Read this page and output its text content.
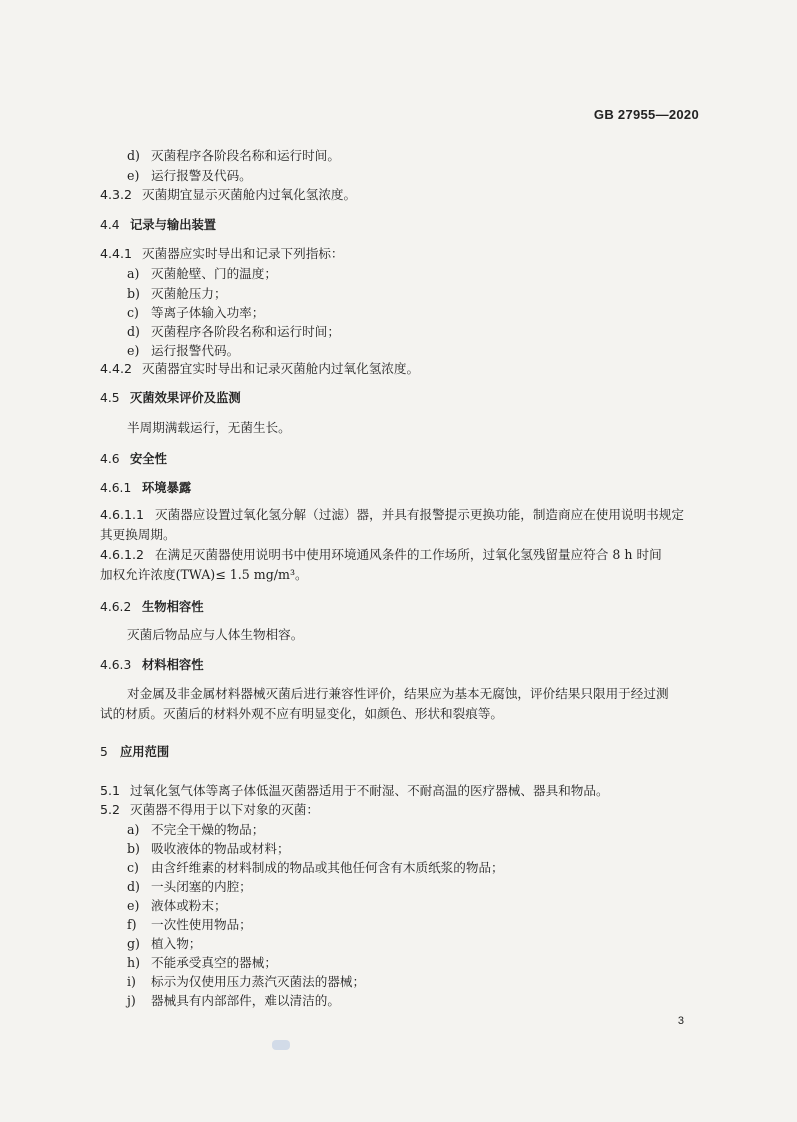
GB 27955—2020
d) 灭菌程序各阶段名称和运行时间。
e) 运行报警及代码。
4.3.2 灭菌期宜显示灭菌舱内过氧化氢浓度。
4.4 记录与输出装置
4.4.1 灭菌器应实时导出和记录下列指标：
a) 灭菌舱壁、门的温度；
b) 灭菌舱压力；
c) 等离子体输入功率；
d) 灭菌程序各阶段名称和运行时间；
e) 运行报警代码。
4.4.2 灭菌器宜实时导出和记录灭菌舱内过氧化氢浓度。
4.5 灭菌效果评价及监测
半周期满载运行，无菌生长。
4.6 安全性
4.6.1 环境暴露
4.6.1.1 灭菌器应设置过氧化氢分解（过滤）器，并具有报警提示更换功能，制造商应在使用说明书规定
其更换周期。
4.6.1.2 在满足灭菌器使用说明书中使用环境通风条件的工作场所，过氧化氢残留量应符合 8 h 时间
加权允许浓度(TWA)≤ 1.5 mg/m³。
4.6.2 生物相容性
灭菌后物品应与人体生物相容。
4.6.3 材料相容性
对金属及非金属材料器械灭菌后进行兼容性评价，结果应为基本无腐蚀，评价结果只限用于经过测
试的材质。灭菌后的材料外观不应有明显变化，如颜色、形状和裂痕等。
5 应用范围
5.1 过氧化氢气体等离子体低温灭菌器适用于不耐湿、不耐高温的医疗器械、器具和物品。
5.2 灭菌器不得用于以下对象的灭菌：
a) 不完全干燥的物品；
b) 吸收液体的物品或材料；
c) 由含纤维素的材料制成的物品或其他任何含有木质纸浆的物品；
d) 一头闭塞的内腔；
e) 液体或粉末；
f) 一次性使用物品；
g) 植入物；
h) 不能承受真空的器械；
i) 标示为仅使用压力蒸汽灭菌法的器械；
j) 器械具有内部部件，难以清洁的。
3
